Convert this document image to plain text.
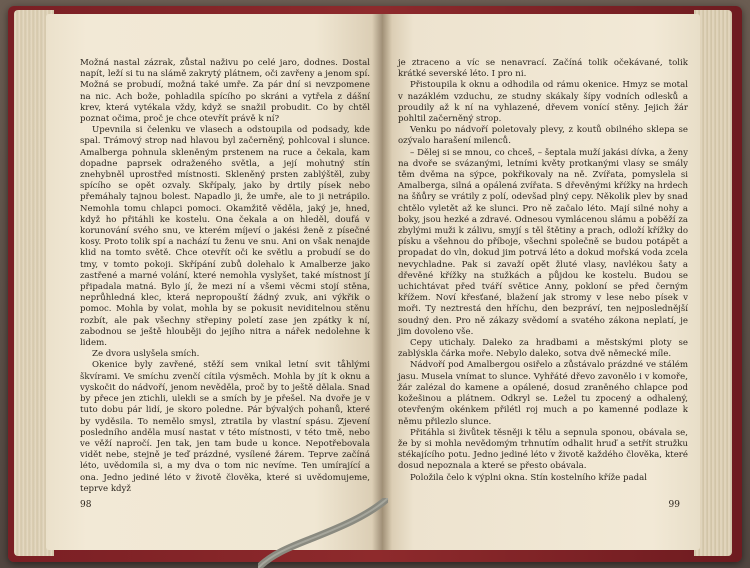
Možná nastal zázrak, zůstal naživu po celé jaro, dodnes. Dostal napít, leží si tu na slámě zakrytý plátnem, oči zavřeny a jenom spí. Možná se probudí, možná také umře. Za pár dní si nevzpomene na nic. Ach bože, pohladila spícího po skráni a vytřela z dášní krev, která vytékala vždy, když se snažil probudit. Co by chtěl poznat očima, proč je chce otevřít právě k ní?

Upevnila si čelenku ve vlasech a odstoupila od podsady, kde spal. Trámový strop nad hlavou byl začerněný, pohlcoval i slunce. Amalberga pohnula skleněným prstenem na ruce a čekala, kam dopadne paprsek odraženého světla, a její mohutný stín znehybněl uprostřed místnosti. Skleněný prsten zablýštěl, zuby spícího se opět ozvaly. Skřípaly, jako by drtily písek nebo přemáhaly tajnou bolest. Napadlo ji, že umře, ale to ji netrápilo. Nemohla tomu chlapci pomoci. Okamžitě věděla, jaký je, hned, když ho přitáhli ke kostelu. Ona čekala a on hleděl, doufá v korunování svého snu, ve kterém míjeví o jakési ženě z písečné kosy. Proto tolik spí a nachází tu ženu ve snu. Ani on však nenajde klid na tomto světě. Chce otevřít oči ke světlu a probudí se do tmy, v tomto pokoji. Skřípání zubů dolehalo k Amalberze jako zastřené a marné volání, které nemohla vyslyšet, také místnost jí připadala matná. Bylo jí, že mezi ní a všemi věcmi stojí stěna, neprůhledná klec, která nepropouští žádný zvuk, ani výkřik o pomoc. Mohla by volat, mohla by se pokusit neviditelnou stěnu rozbít, ale pak všechny střepiny poletí zase jen zpátky k ní, zabodnou se ještě hlouběji do jejího nitra a nářek nedolehne k lidem.

Ze dvora uslyšela smích.

Okenice byly zavřené, stěží sem vnikal letní svit tåhlými škvírami. Ve smíchu zvenčí cítila výsměch. Mohla by jít k oknu a vyskočit do nádvoří, jenom nevěděla, proč by to ještě dělala. Snad by přece jen ztichli, ulekli se a smích by je přešel. Na dvoře je v tuto dobu pár lidí, je skoro poledne. Pár bývalých pohanů, které by vyděsila. To nemělo smysl, ztratila by vlastní spásu. Zjevení posledního anděla musí nastat v této místnosti, v této tmě, nebo ve věží napročí. Jen tak, jen tam bude u konce. Nepotřebovala vidět nebe, stejně je teď prázdné, vysílené žárem. Teprve začíná léto, uvědomila si, a my dva o tom nic nevíme. Ten umírající a ona. Jedno jediné léto v životě člověka, které si uvědomujeme, teprve když

98

je ztraceno a víc se nenavrací. Začíná tolik očekávané, tolik krátké severské léto. I pro ni.

Přistoupila k oknu a odhodila od rámu okenice. Hmyz se motal v nazáklém vzduchu, ze studny skákaly šípy vodních odlesků a proudily až k ní na vyhlazené, dřevem vonící stěny. Jejich žár pohltil začerněný strop.

Venku po nádvoří poletovaly plevy, z koutů obilného sklepa se ozývalo harašení milenců.

– Dělej si se mnou, co chceš, – šeptala muží jakási dívka, a ženy na dvoře se svázanými, letními květy protkanými vlasy se smály těm dvěma na sýpce, pokřikovaly na ně. Zvířata, pomyslela si Amalberga, silná a opálená zvířata. S dřevěnými křížky na hrdech na šňůry se vrátily z polí, odevšad plný cepy. Několik plev by snad chtělo vyletět až ke slunci. Pro ně začalo léto. Mají silné nohy a boky, jsou hezké a zdravé. Odnesou vymlácenou slámu a poběží za zbylými muži k zálivu, smyjí s těl štětiny a prach, odloží křížky do písku a všehnou do příboje, všechni společně se budou potápět a propadat do vln, dokud jim potrvá léto a dokud mořská voda zcela nevychladne. Pak si zavaží opět žluté vlasy, navlékou šaty a dřevěné křížky na stužkách a půjdou ke kostelu. Budou se uchichtávat před tváří světice Anny, pokloní se před černým křížem. Noví křesťané, blažení jak stromy v lese nebo písek v moři. Ty neztrestá den hříchu, den bezpráví, ten nejposlednější soudný den. Pro ně zákazy svědomí a svatého zákona neplatí, je jim dovoleno vše.

Cepy utichaly. Daleko za hradbami a městskými ploty se zablýskla čárka moře. Nebylo daleko, sotva dvě německé míle.

Nádvoří pod Amalbergou osiřelo a zůstávalo prázdné ve stálém jasu. Musela vnímat to slunce. Vyhřáté dřevo zavonělo i v komoře, žár zalézal do kamene a opálené, dosud zraněného chlapce pod kožešinou a plátnem. Odkryl se. Ležel tu zpocený a odhalený, otevřeným okénkem přilétl roj much a po kamenné podlaze k němu přilezlo slunce.

Přitáhla si živůtek těsněji k tělu a sepnula sponou, obávala se, že by si mohla nevědomým trhnutím odhalit hruď a setřít stružku stékajícího potu. Jedno jediné léto v životě každého člověka, které dosud nepoznala a které se přesto obávala.

Položila čelo k výplni okna. Stín kostelního kříže padal

99
